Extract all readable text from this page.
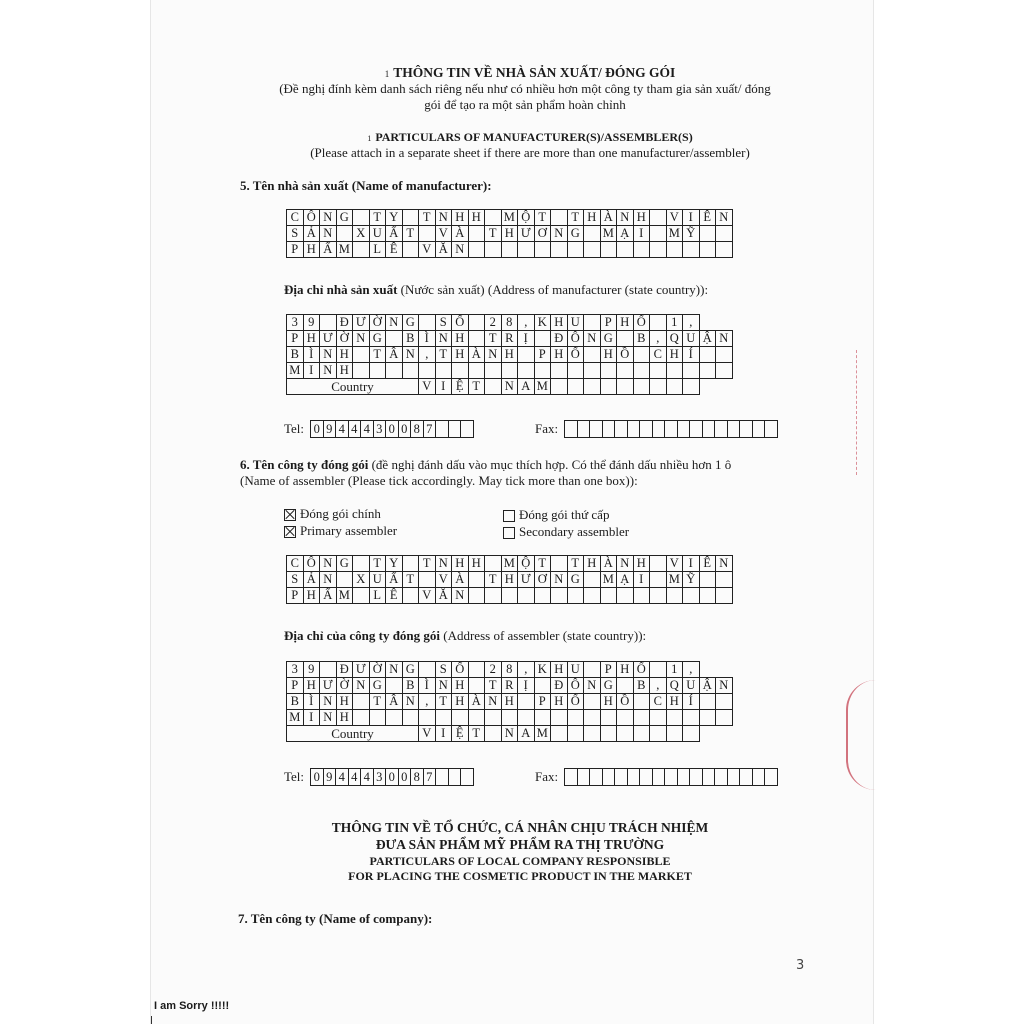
1 THÔNG TIN VỀ NHÀ SẢN XUẤT/ ĐÓNG GÓI
(Đề nghị đính kèm danh sách riêng nếu như có nhiều hơn một công ty tham gia sản xuất/ đóng
gói để tạo ra một sản phẩm hoàn chỉnh
1 PARTICULARS OF MANUFACTURER(S)/ASSEMBLER(S)
(Please attach in a separate sheet if there are more than one manufacturer/assembler)
5. Tên nhà sản xuất (Name of manufacturer):
C	Ô	N	G		T	Y		T	N	H	H		M	Ộ	T		T	H	À	N	H		V	I	Ê	N
S	Ả	N		X	U	Ấ	T		V	À		T	H	Ư	Ơ	N	G		M	Ạ	I		M	Ỹ		
P	H	Ẩ	M		L	Ê		V	Ă	N																
Địa chỉ nhà sản xuất (Nước sản xuất) (Address of manufacturer (state country)):
3	9		Đ	Ư	Ờ	N	G		S	Ố		2	8	,	K	H	U		P	H	Ố		1	,		
P	H	Ư	Ờ	N	G		B	Ì	N	H		T	R	Ị		Đ	Ô	N	G		B	,	Q	U	Ậ	N
B	Ì	N	H		T	Â	N	,	T	H	À	N	H		P	H	Ố		H	Ồ		C	H	Í		
M	I	N	H																							
Country								V	I	Ệ	T		N	A	M											
Tel: 0	9	4	4	4	3	0	0	8	7				Fax:

6. Tên công ty đóng gói (đề nghị đánh dấu vào mục thích hợp. Có thể đánh dấu nhiều hơn 1 ô
(Name of assembler (Please tick accordingly. May tick more than one box)):
Đóng gói chính
Primary assembler
Đóng gói thứ cấp
Secondary assembler
C	Ô	N	G		T	Y		T	N	H	H		M	Ộ	T		T	H	À	N	H		V	I	Ê	N
S	Ả	N		X	U	Ấ	T		V	À		T	H	Ư	Ơ	N	G		M	Ạ	I		M	Ỹ		
P	H	Ẩ	M		L	Ê		V	Ă	N																
Địa chỉ của công ty đóng gói (Address of assembler (state country)):
3	9		Đ	Ư	Ờ	N	G		S	Ố		2	8	,	K	H	U		P	H	Ố		1	,		
P	H	Ư	Ờ	N	G		B	Ì	N	H		T	R	Ị		Đ	Ô	N	G		B	,	Q	U	Ậ	N
B	Ì	N	H		T	Â	N	,	T	H	À	N	H		P	H	Ố		H	Ồ		C	H	Í		
M	I	N	H																							
Country								V	I	Ệ	T		N	A	M											
Tel: 0	9	4	4	4	3	0	0	8	7				Fax:

THÔNG TIN VỀ TỔ CHỨC, CÁ NHÂN CHỊU TRÁCH NHIỆM
ĐƯA SẢN PHẨM MỸ PHẨM RA THỊ TRƯỜNG
PARTICULARS OF LOCAL COMPANY RESPONSIBLE
FOR PLACING THE COSMETIC PRODUCT IN THE MARKET
7. Tên công ty (Name of company):
3
I am Sorry !!!!!
